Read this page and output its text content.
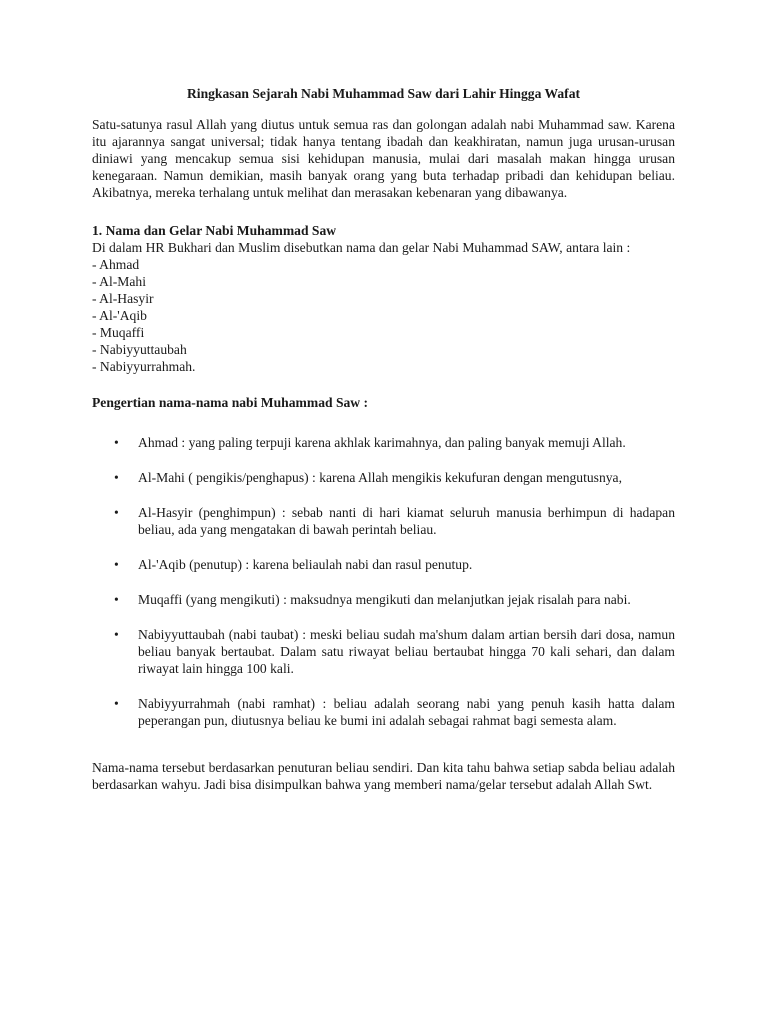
Ringkasan Sejarah Nabi Muhammad Saw dari Lahir Hingga Wafat

Satu-satunya rasul Allah yang diutus untuk semua ras dan golongan adalah nabi Muhammad saw. Karena itu ajarannya sangat universal; tidak hanya tentang ibadah dan keakhiratan, namun juga urusan-urusan diniawi yang mencakup semua sisi kehidupan manusia, mulai dari masalah makan hingga urusan kenegaraan. Namun demikian, masih banyak orang yang buta terhadap pribadi dan kehidupan beliau. Akibatnya, mereka terhalang untuk melihat dan merasakan kebenaran yang dibawanya.

1. Nama dan Gelar Nabi Muhammad Saw

Di dalam HR Bukhari dan Muslim disebutkan nama dan gelar Nabi Muhammad SAW, antara lain :

- Ahmad
- Al-Mahi
- Al-Hasyir
- Al-'Aqib
- Muqaffi
- Nabiyyuttaubah
- Nabiyyurrahmah.

Pengertian nama-nama nabi Muhammad Saw :

• Ahmad : yang paling terpuji karena akhlak karimahnya, dan paling banyak memuji Allah.
• Al-Mahi ( pengikis/penghapus) : karena Allah mengikis kekufuran dengan mengutusnya,
• Al-Hasyir (penghimpun) : sebab nanti di hari kiamat seluruh manusia berhimpun di hadapan beliau, ada yang mengatakan di bawah perintah beliau.
• Al-'Aqib (penutup) : karena beliaulah nabi dan rasul penutup.
• Muqaffi (yang mengikuti) : maksudnya mengikuti dan melanjutkan jejak risalah para nabi.
• Nabiyyuttaubah (nabi taubat) : meski beliau sudah ma'shum dalam artian bersih dari dosa, namun beliau banyak bertaubat. Dalam satu riwayat beliau bertaubat hingga 70 kali sehari, dan dalam riwayat lain hingga 100 kali.
• Nabiyyurrahmah (nabi ramhat) : beliau adalah seorang nabi yang penuh kasih hatta dalam peperangan pun, diutusnya beliau ke bumi ini adalah sebagai rahmat bagi semesta alam.

Nama-nama tersebut berdasarkan penuturan beliau sendiri. Dan kita tahu bahwa setiap sabda beliau adalah berdasarkan wahyu. Jadi bisa disimpulkan bahwa yang memberi nama/gelar tersebut adalah Allah Swt.
